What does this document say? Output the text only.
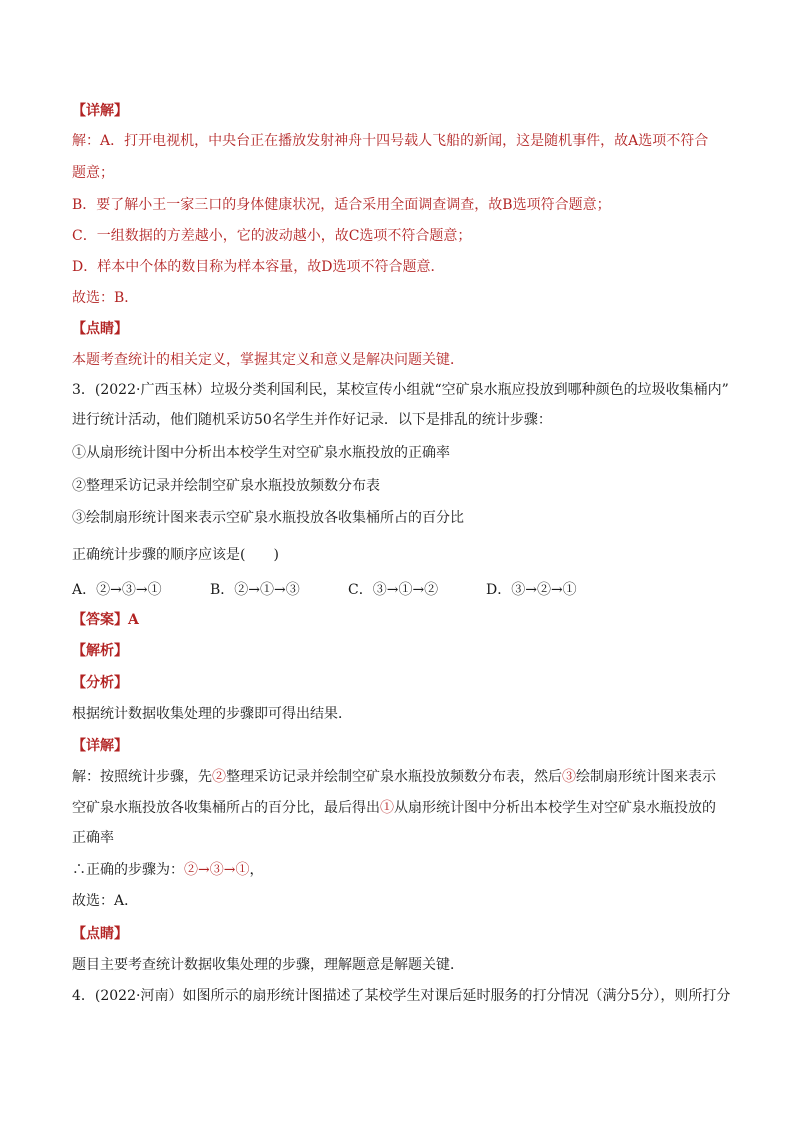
【详解】
解：A．打开电视机，中央台正在播放发射神舟十四号载人飞船的新闻，这是随机事件，故A选项不符合
题意；
B．要了解小王一家三口的身体健康状况，适合采用全面调查调查，故B选项符合题意；
C．一组数据的方差越小，它的波动越小，故C选项不符合题意；
D．样本中个体的数目称为样本容量，故D选项不符合题意．
故选：B．
【点睛】
本题考查统计的相关定义，掌握其定义和意义是解决问题关键．
3．(2022·广西玉林）垃圾分类利国利民，某校宣传小组就“空矿泉水瓶应投放到哪种颜色的垃圾收集桶内”
进行统计活动，他们随机采访50名学生并作好记录．以下是排乱的统计步骤：
①从扇形统计图中分析出本校学生对空矿泉水瓶投放的正确率
②整理采访记录并绘制空矿泉水瓶投放频数分布表
③绘制扇形统计图来表示空矿泉水瓶投放各收集桶所占的百分比
正确统计步骤的顺序应该是(　　)
A．②→③→①	B．②→①→③	C．③→①→②	D．③→②→①
【答案】A
【解析】
【分析】
根据统计数据收集处理的步骤即可得出结果．
【详解】
解：按照统计步骤，先②整理采访记录并绘制空矿泉水瓶投放频数分布表，然后③绘制扇形统计图来表示
空矿泉水瓶投放各收集桶所占的百分比，最后得出①从扇形统计图中分析出本校学生对空矿泉水瓶投放的
正确率
∴正确的步骤为：②→③→①，
故选：A．
【点睛】
题目主要考查统计数据收集处理的步骤，理解题意是解题关键．
4．(2022·河南）如图所示的扇形统计图描述了某校学生对课后延时服务的打分情况（满分5分），则所打分
